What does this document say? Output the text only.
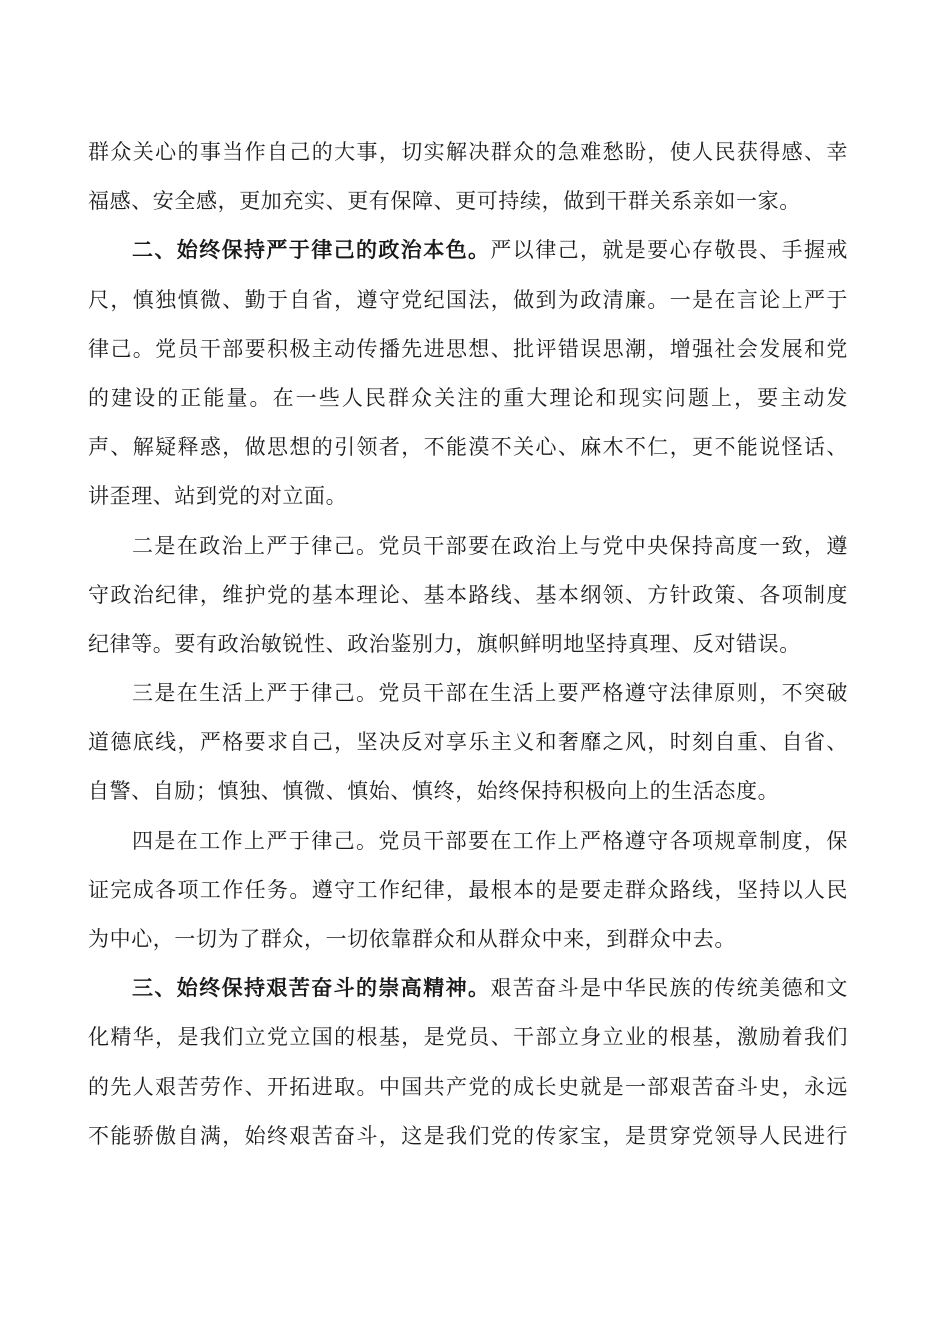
群众关心的事当作自己的大事，切实解决群众的急难愁盼，使人民获得感、幸
福感、安全感，更加充实、更有保障、更可持续，做到干群关系亲如一家。
二、始终保持严于律己的政治本色。严以律己，就是要心存敬畏、手握戒
尺，慎独慎微、勤于自省，遵守党纪国法，做到为政清廉。一是在言论上严于
律己。党员干部要积极主动传播先进思想、批评错误思潮，增强社会发展和党
的建设的正能量。在一些人民群众关注的重大理论和现实问题上，要主动发
声、解疑释惑，做思想的引领者，不能漠不关心、麻木不仁，更不能说怪话、
讲歪理、站到党的对立面。
二是在政治上严于律己。党员干部要在政治上与党中央保持高度一致，遵
守政治纪律，维护党的基本理论、基本路线、基本纲领、方针政策、各项制度
纪律等。要有政治敏锐性、政治鉴别力，旗帜鲜明地坚持真理、反对错误。
三是在生活上严于律己。党员干部在生活上要严格遵守法律原则，不突破
道德底线，严格要求自己，坚决反对享乐主义和奢靡之风，时刻自重、自省、
自警、自励；慎独、慎微、慎始、慎终，始终保持积极向上的生活态度。
四是在工作上严于律己。党员干部要在工作上严格遵守各项规章制度，保
证完成各项工作任务。遵守工作纪律，最根本的是要走群众路线，坚持以人民
为中心，一切为了群众，一切依靠群众和从群众中来，到群众中去。
三、始终保持艰苦奋斗的崇高精神。艰苦奋斗是中华民族的传统美德和文
化精华，是我们立党立国的根基，是党员、干部立身立业的根基，激励着我们
的先人艰苦劳作、开拓进取。中国共产党的成长史就是一部艰苦奋斗史，永远
不能骄傲自满，始终艰苦奋斗，这是我们党的传家宝，是贯穿党领导人民进行
